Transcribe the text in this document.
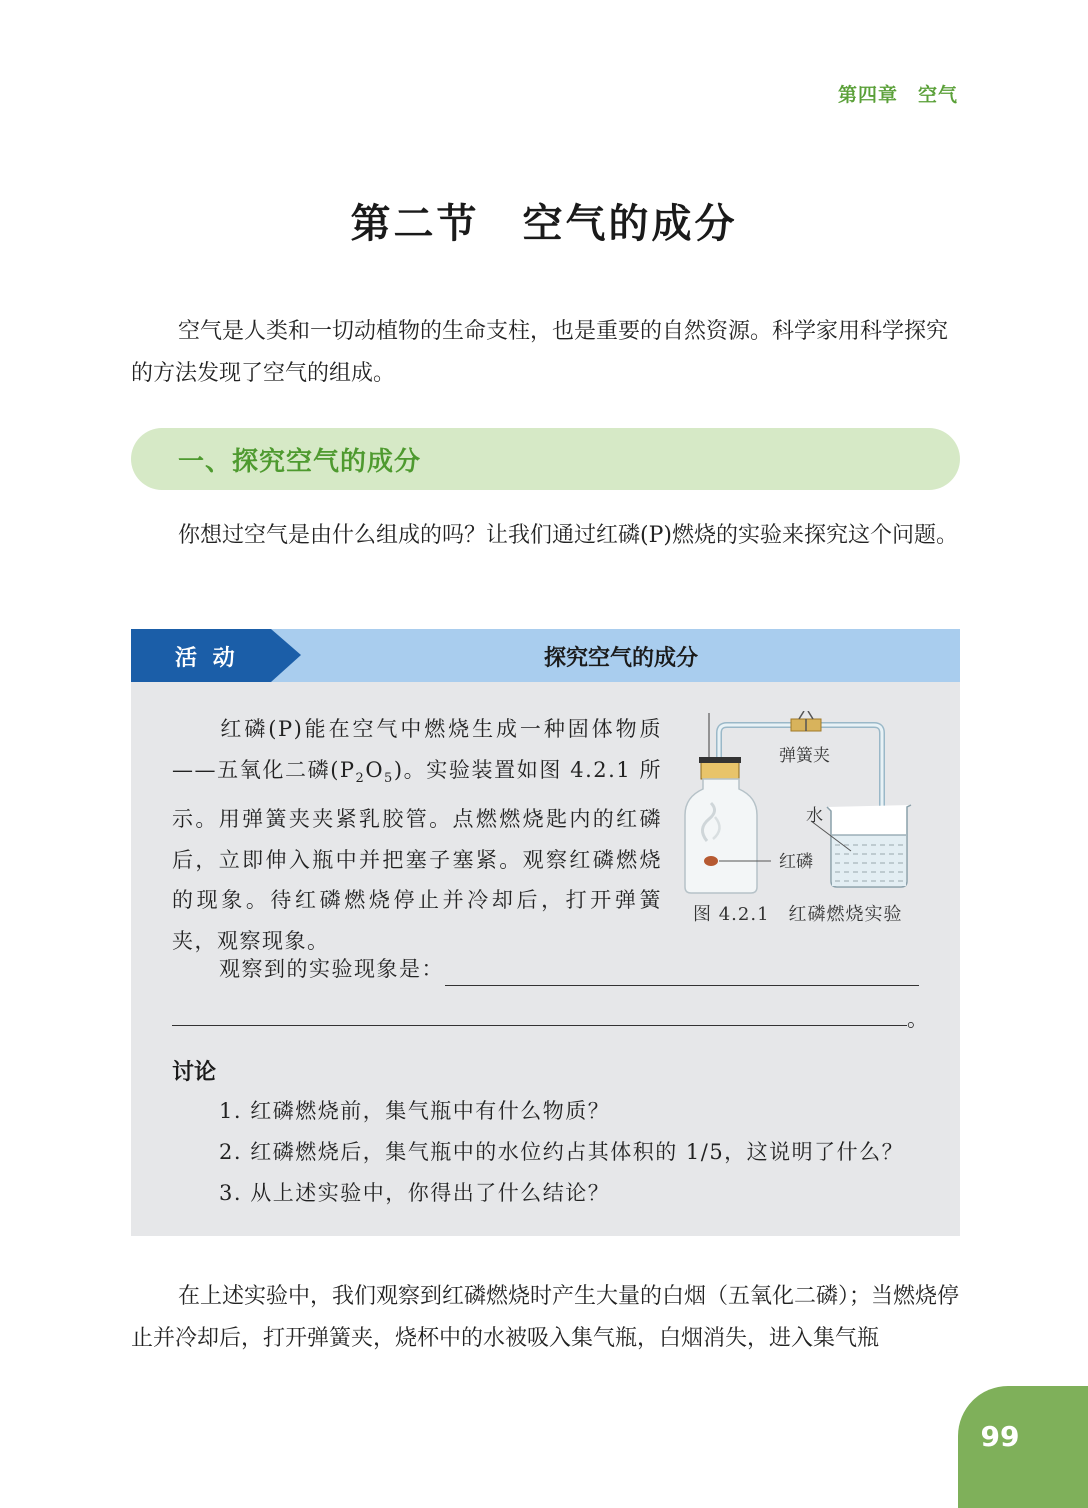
第四章　空气
第二节　空气的成分
空气是人类和一切动植物的生命支柱，也是重要的自然资源。科学家用科学探究的方法发现了空气的组成。
一、探究空气的成分
你想过空气是由什么组成的吗？让我们通过红磷(P)燃烧的实验来探究这个问题。
活 动	探究空气的成分
红磷(P)能在空气中燃烧生成一种固体物质——五氧化二磷$(P_2O_5)$。实验装置如图 4.2.1 所示。用弹簧夹夹紧乳胶管。点燃燃烧匙内的红磷后，立即伸入瓶中并把塞子塞紧。观察红磷燃烧的现象。待红磷燃烧停止并冷却后，打开弹簧夹，观察现象。
弹簧夹
水
红磷
图 4.2.1　红磷燃烧实验
观察到的实验现象是：
。
讨论
1. 红磷燃烧前，集气瓶中有什么物质？
2. 红磷燃烧后，集气瓶中的水位约占其体积的 1/5，这说明了什么？
3. 从上述实验中，你得出了什么结论？
在上述实验中，我们观察到红磷燃烧时产生大量的白烟（五氧化二磷）；当燃烧停止并冷却后，打开弹簧夹，烧杯中的水被吸入集气瓶，白烟消失，进入集气瓶
99
